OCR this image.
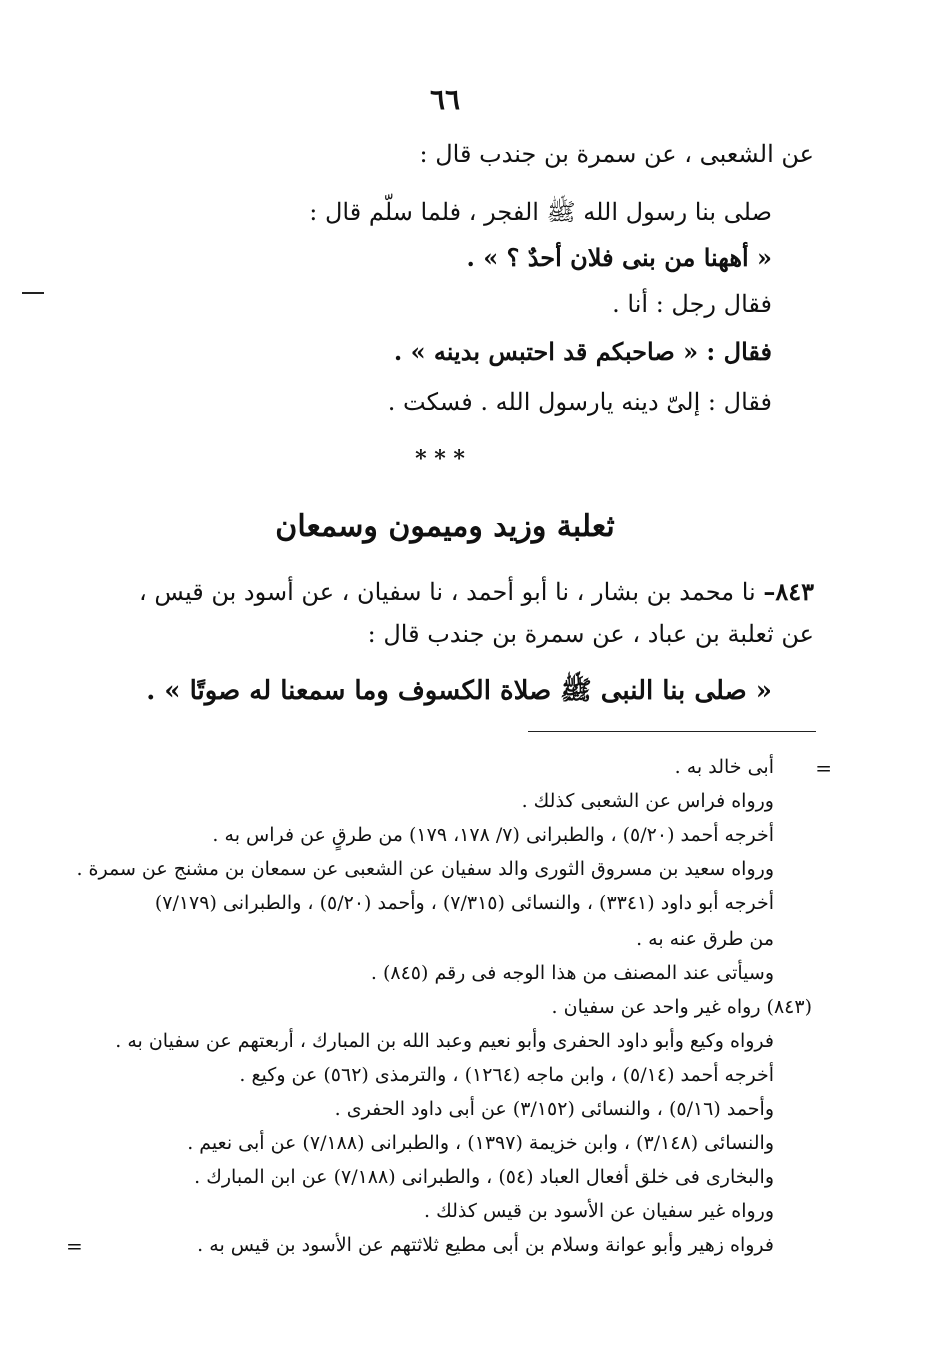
٦٦
عن الشعبى ، عن سمرة بن جندب قال :
صلى بنا رسول الله ﷺ الفجر ، فلما سلّم قال :
« أههنا من بنى فلان أحدٌ ؟ » .
فقال رجل : أنا .
فقال : « صاحبكم قد احتبس بدينه » .
فقال : إلىّ دينه يارسول الله . فسكت .
* * *
ثعلبة وزيد وميمون وسمعان
٨٤٣– نا محمد بن بشار ، نا أبو أحمد ، نا سفيان ، عن أسود بن قيس ،
عن ثعلبة بن عباد ، عن سمرة بن جندب قال :
« صلى بنا النبى ﷺ صلاة الكسوف وما سمعنا له صوتًا » .
=
أبى خالد به .
ورواه فراس عن الشعبى كذلك .
أخرجه أحمد (٥/٢٠) ، والطبرانى (٧/ ١٧٨، ١٧٩) من طرقٍ عن فراس به .
ورواه سعيد بن مسروق الثورى والد سفيان عن الشعبى عن سمعان بن مشنج عن سمرة .
أخرجه أبو داود (٣٣٤١) ، والنسائى (٧/٣١٥) ، وأحمد (٥/٢٠) ، والطبرانى (٧/١٧٩)
من طرق عنه به .
وسيأتى عند المصنف من هذا الوجه فى رقم (٨٤٥) .
(٨٤٣) رواه غير واحد عن سفيان .
فرواه وكيع وأبو داود الحفرى وأبو نعيم وعبد الله بن المبارك ، أربعتهم عن سفيان به .
أخرجه أحمد (٥/١٤) ، وابن ماجه (١٢٦٤) ، والترمذى (٥٦٢) عن وكيع .
وأحمد (٥/١٦) ، والنسائى (٣/١٥٢) عن أبى داود الحفرى .
والنسائى (٣/١٤٨) ، وابن خزيمة (١٣٩٧) ، والطبرانى (٧/١٨٨) عن أبى نعيم .
والبخارى فى خلق أفعال العباد (٥٤) ، والطبرانى (٧/١٨٨) عن ابن المبارك .
ورواه غير سفيان عن الأسود بن قيس كذلك .
فرواه زهير وأبو عوانة وسلام بن أبى مطيع ثلاثتهم عن الأسود بن قيس به .
=
